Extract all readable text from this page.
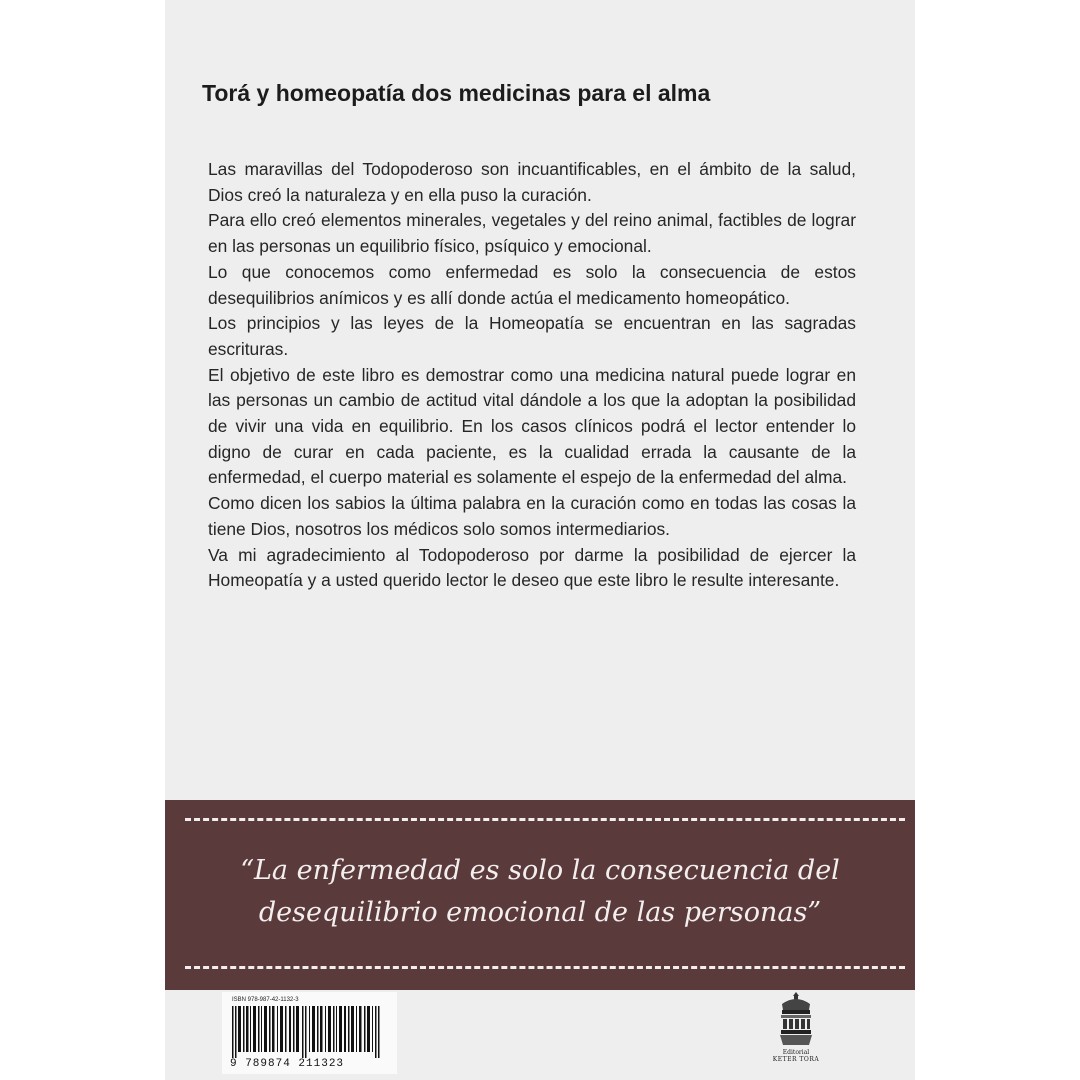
Torá y homeopatía dos medicinas para el alma

Las maravillas del Todopoderoso son incuantificables, en el ámbito de la salud, Dios creó la naturaleza y en ella puso la curación.

Para ello creó elementos minerales, vegetales y del reino animal, factibles de lograr en las personas un equilibrio físico, psíquico y emocional.

Lo que conocemos como enfermedad es solo la consecuencia de estos desequilibrios anímicos y es allí donde actúa el medicamento homeopático.

Los principios y las leyes de la Homeopatía se encuentran en las sagradas escrituras.

El objetivo de este libro es demostrar como una medicina natural puede lograr en las personas un cambio de actitud vital dándole a los que la adoptan la posibilidad de vivir una vida en equilibrio. En los casos clínicos podrá el lector entender lo digno de curar en cada paciente, es la cualidad errada la causante de la enfermedad, el cuerpo material es solamente el espejo de la enfermedad del alma.

Como dicen los sabios la última palabra en la curación como en todas las cosas la tiene Dios, nosotros los médicos solo somos intermediarios.

Va mi agradecimiento al Todopoderoso por darme la posibilidad de ejercer la Homeopatía y a usted querido lector le deseo que este libro le resulte interesante.

“La enfermedad es solo la consecuencia del desequilibrio emocional de las personas”
ISBN 978-987-42-1132-3
9 789874 211323
Editorial
KETER TORA
